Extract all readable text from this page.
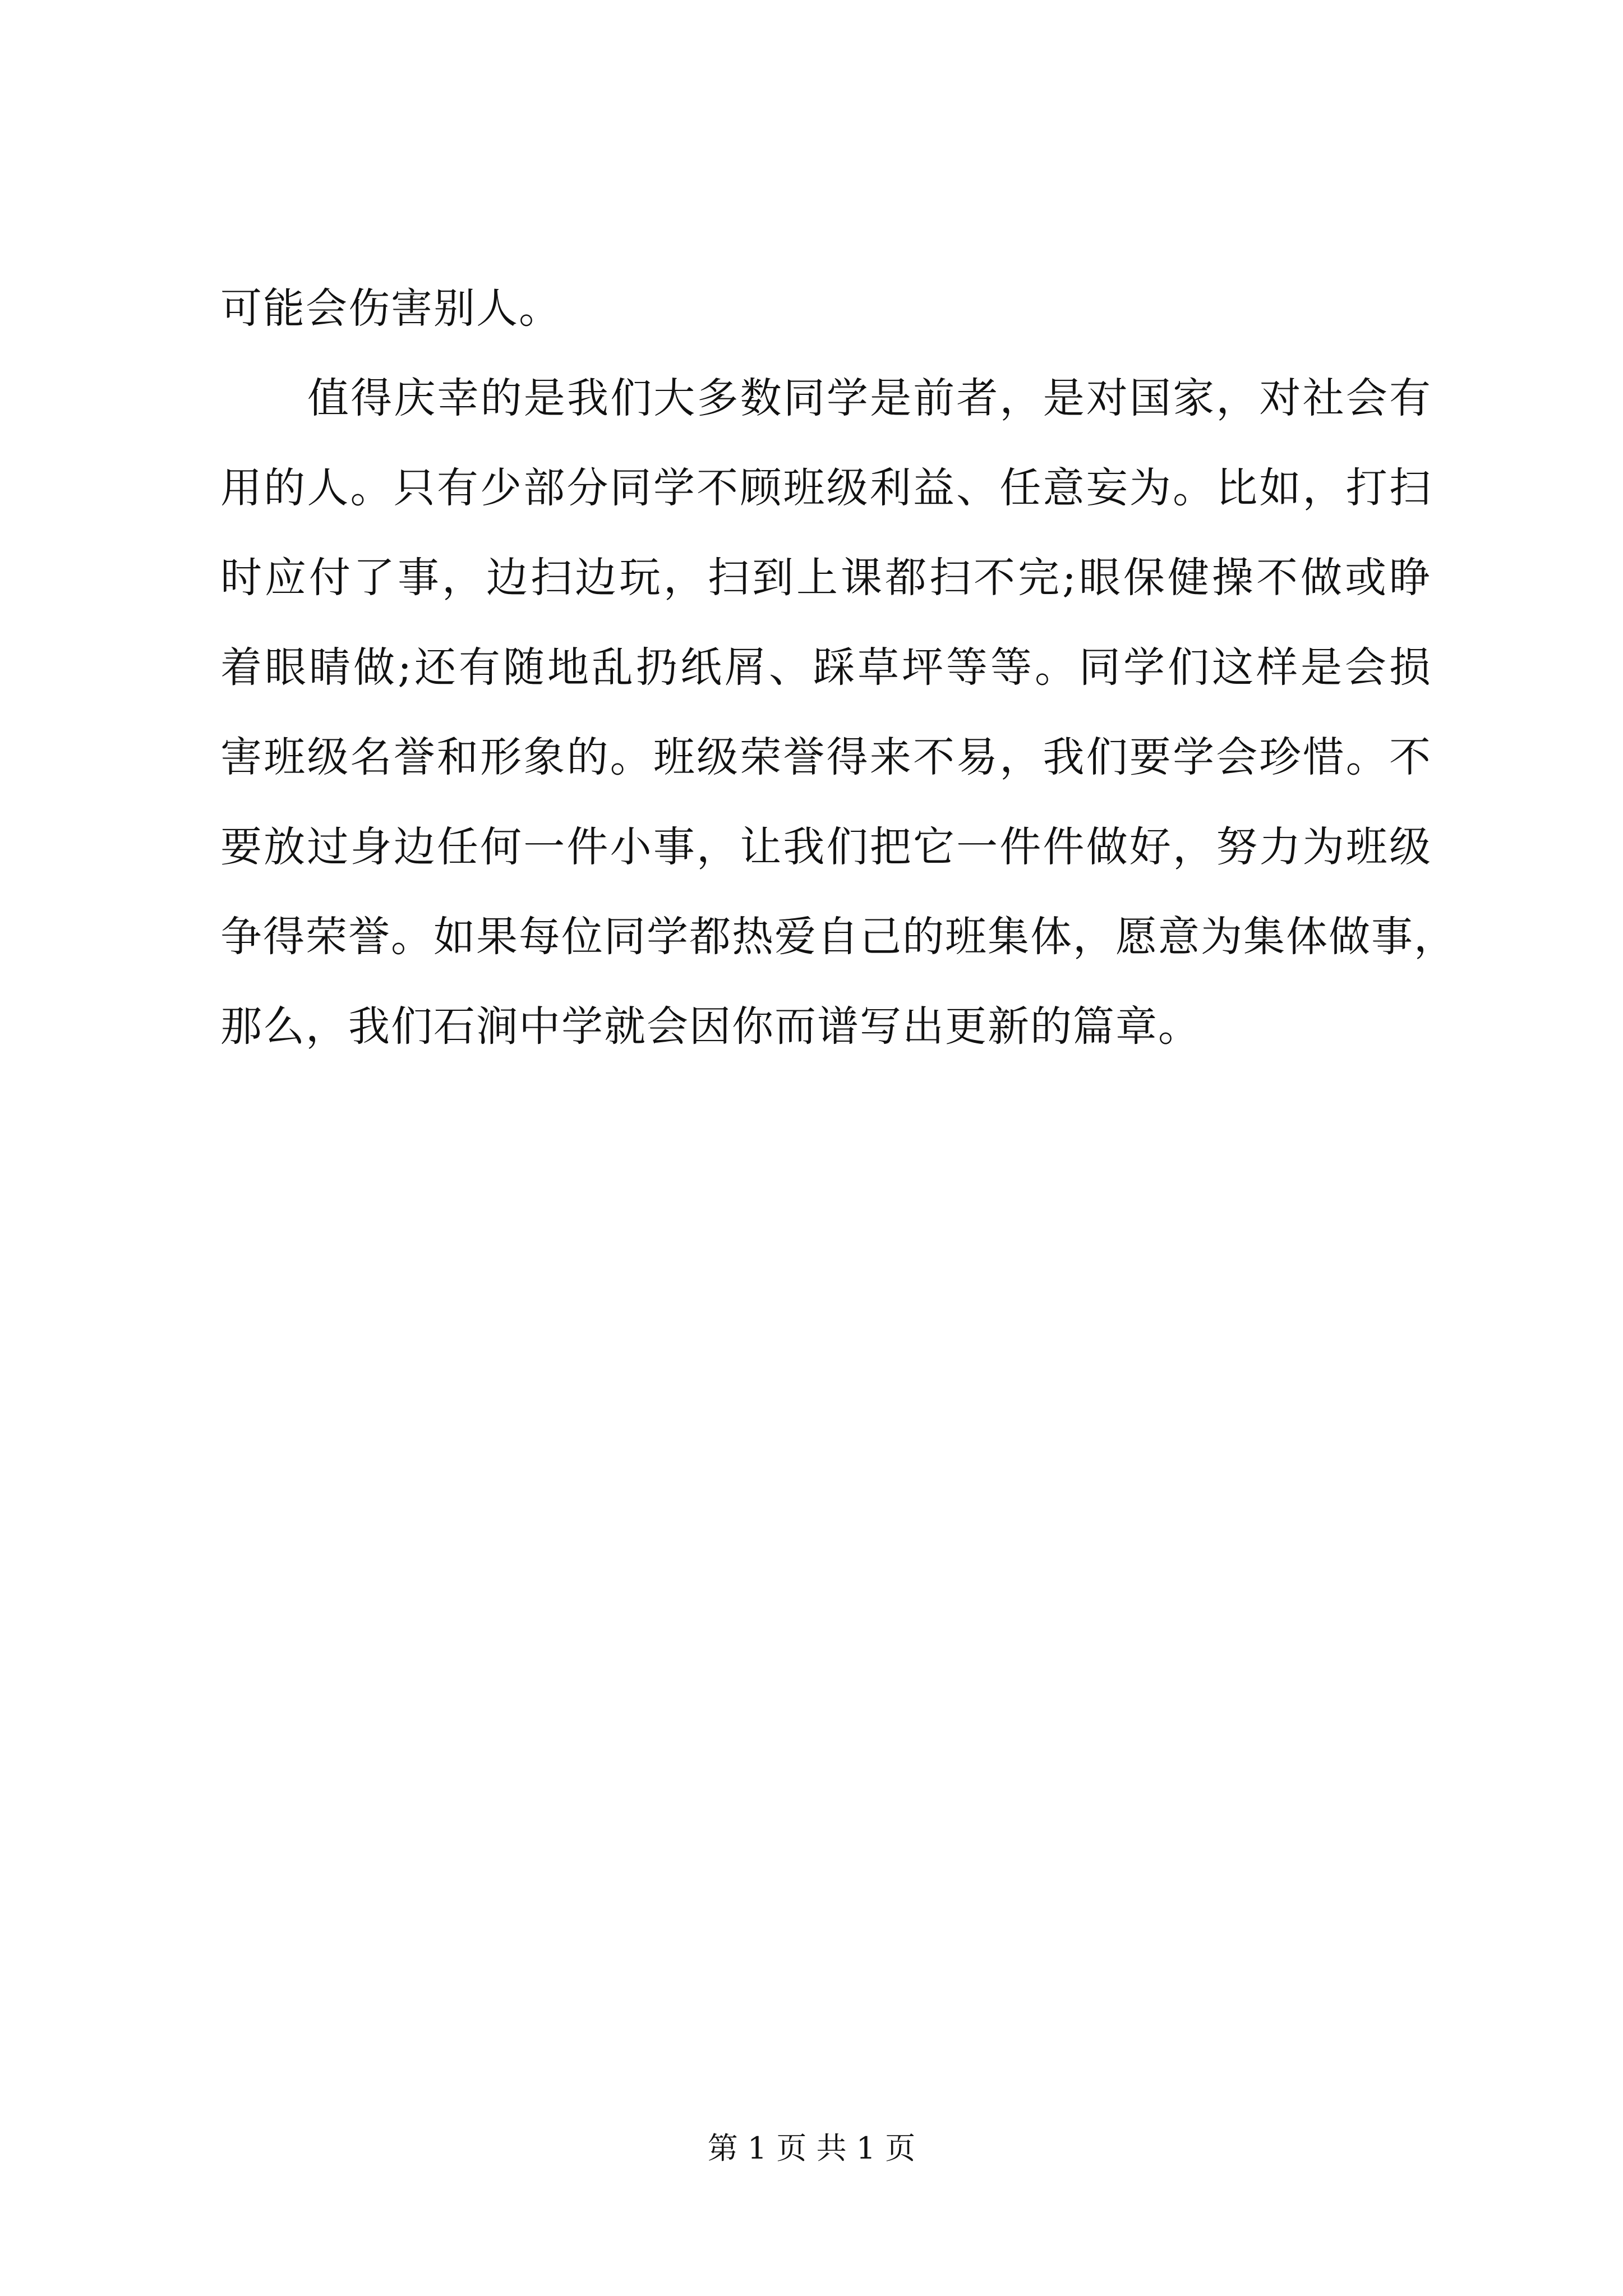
可能会伤害别人。
值得庆幸的是我们大多数同学是前者，是对国家，对社会有
用的人。只有少部分同学不顾班级利益、任意妄为。比如，打扫
时应付了事，边扫边玩，扫到上课都扫不完;眼保健操不做或睁
着眼睛做;还有随地乱扔纸屑、踩草坪等等。同学们这样是会损
害班级名誉和形象的。班级荣誉得来不易，我们要学会珍惜。不
要放过身边任何一件小事，让我们把它一件件做好，努力为班级
争得荣誉。如果每位同学都热爱自己的班集体，愿意为集体做事，
那么，我们石涧中学就会因你而谱写出更新的篇章。
第 1 页 共 1 页
